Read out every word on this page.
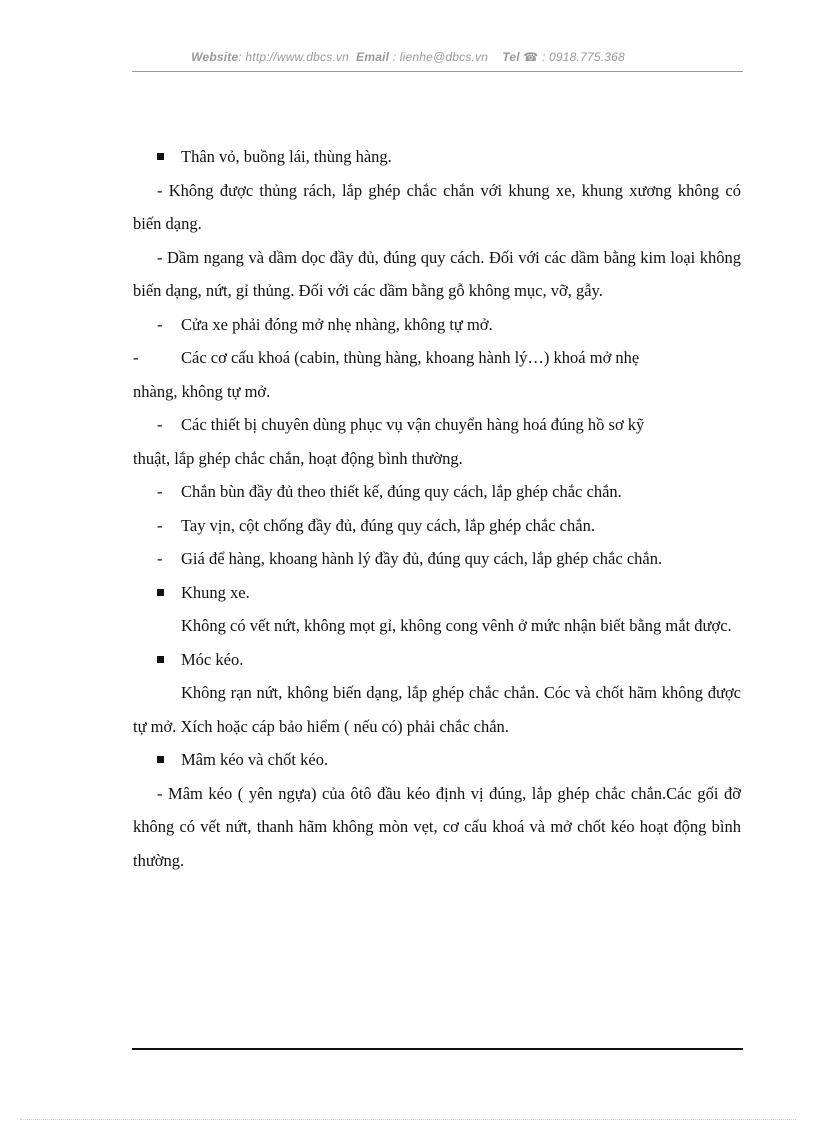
Website: http://www.dbcs.vn Email : lienhe@dbcs.vn Tel ☎ : 0918.775.368

Thân vỏ, buồng lái, thùng hàng.

- Không được thủng rách, lắp ghép chắc chắn với khung xe, khung xương không có biến dạng.

- Dầm ngang và dầm dọc đầy đủ, đúng quy cách. Đối với các dầm bằng kim loại không biến dạng, nứt, gỉ thủng. Đối với các dầm bằng gỗ không mục, vỡ, gẫy.

- Cửa xe phải đóng mở nhẹ nhàng, không tự mở.

-	Các cơ cấu khoá (cabin, thùng hàng, khoang hành lý…) khoá mở nhẹ

nhàng, không tự mở.

- Các thiết bị chuyên dùng phục vụ vận chuyển hàng hoá đúng hồ sơ kỹ

thuật, lắp ghép chắc chắn, hoạt động bình thường.

- Chắn bùn đầy đủ theo thiết kế, đúng quy cách, lắp ghép chắc chắn.

- Tay vịn, cột chống đầy đủ, đúng quy cách, lắp ghép chắc chắn.

- Giá để hàng, khoang hành lý đầy đủ, đúng quy cách, lắp ghép chắc chắn.

Khung xe.

Không có vết nứt, không mọt gỉ, không cong vênh ở mức nhận biết bằng mắt được.

Móc kéo.

Không rạn nứt, không biến dạng, lắp ghép chắc chắn. Cóc và chốt hãm không được tự mở. Xích hoặc cáp bảo hiểm ( nếu có) phải chắc chắn.

Mâm kéo và chốt kéo.

- Mâm kéo ( yên ngựa) của ôtô đầu kéo định vị đúng, lắp ghép chắc chắn.Các gối đỡ không có vết nứt, thanh hãm không mòn vẹt, cơ cấu khoá và mở chốt kéo hoạt động bình thường.
